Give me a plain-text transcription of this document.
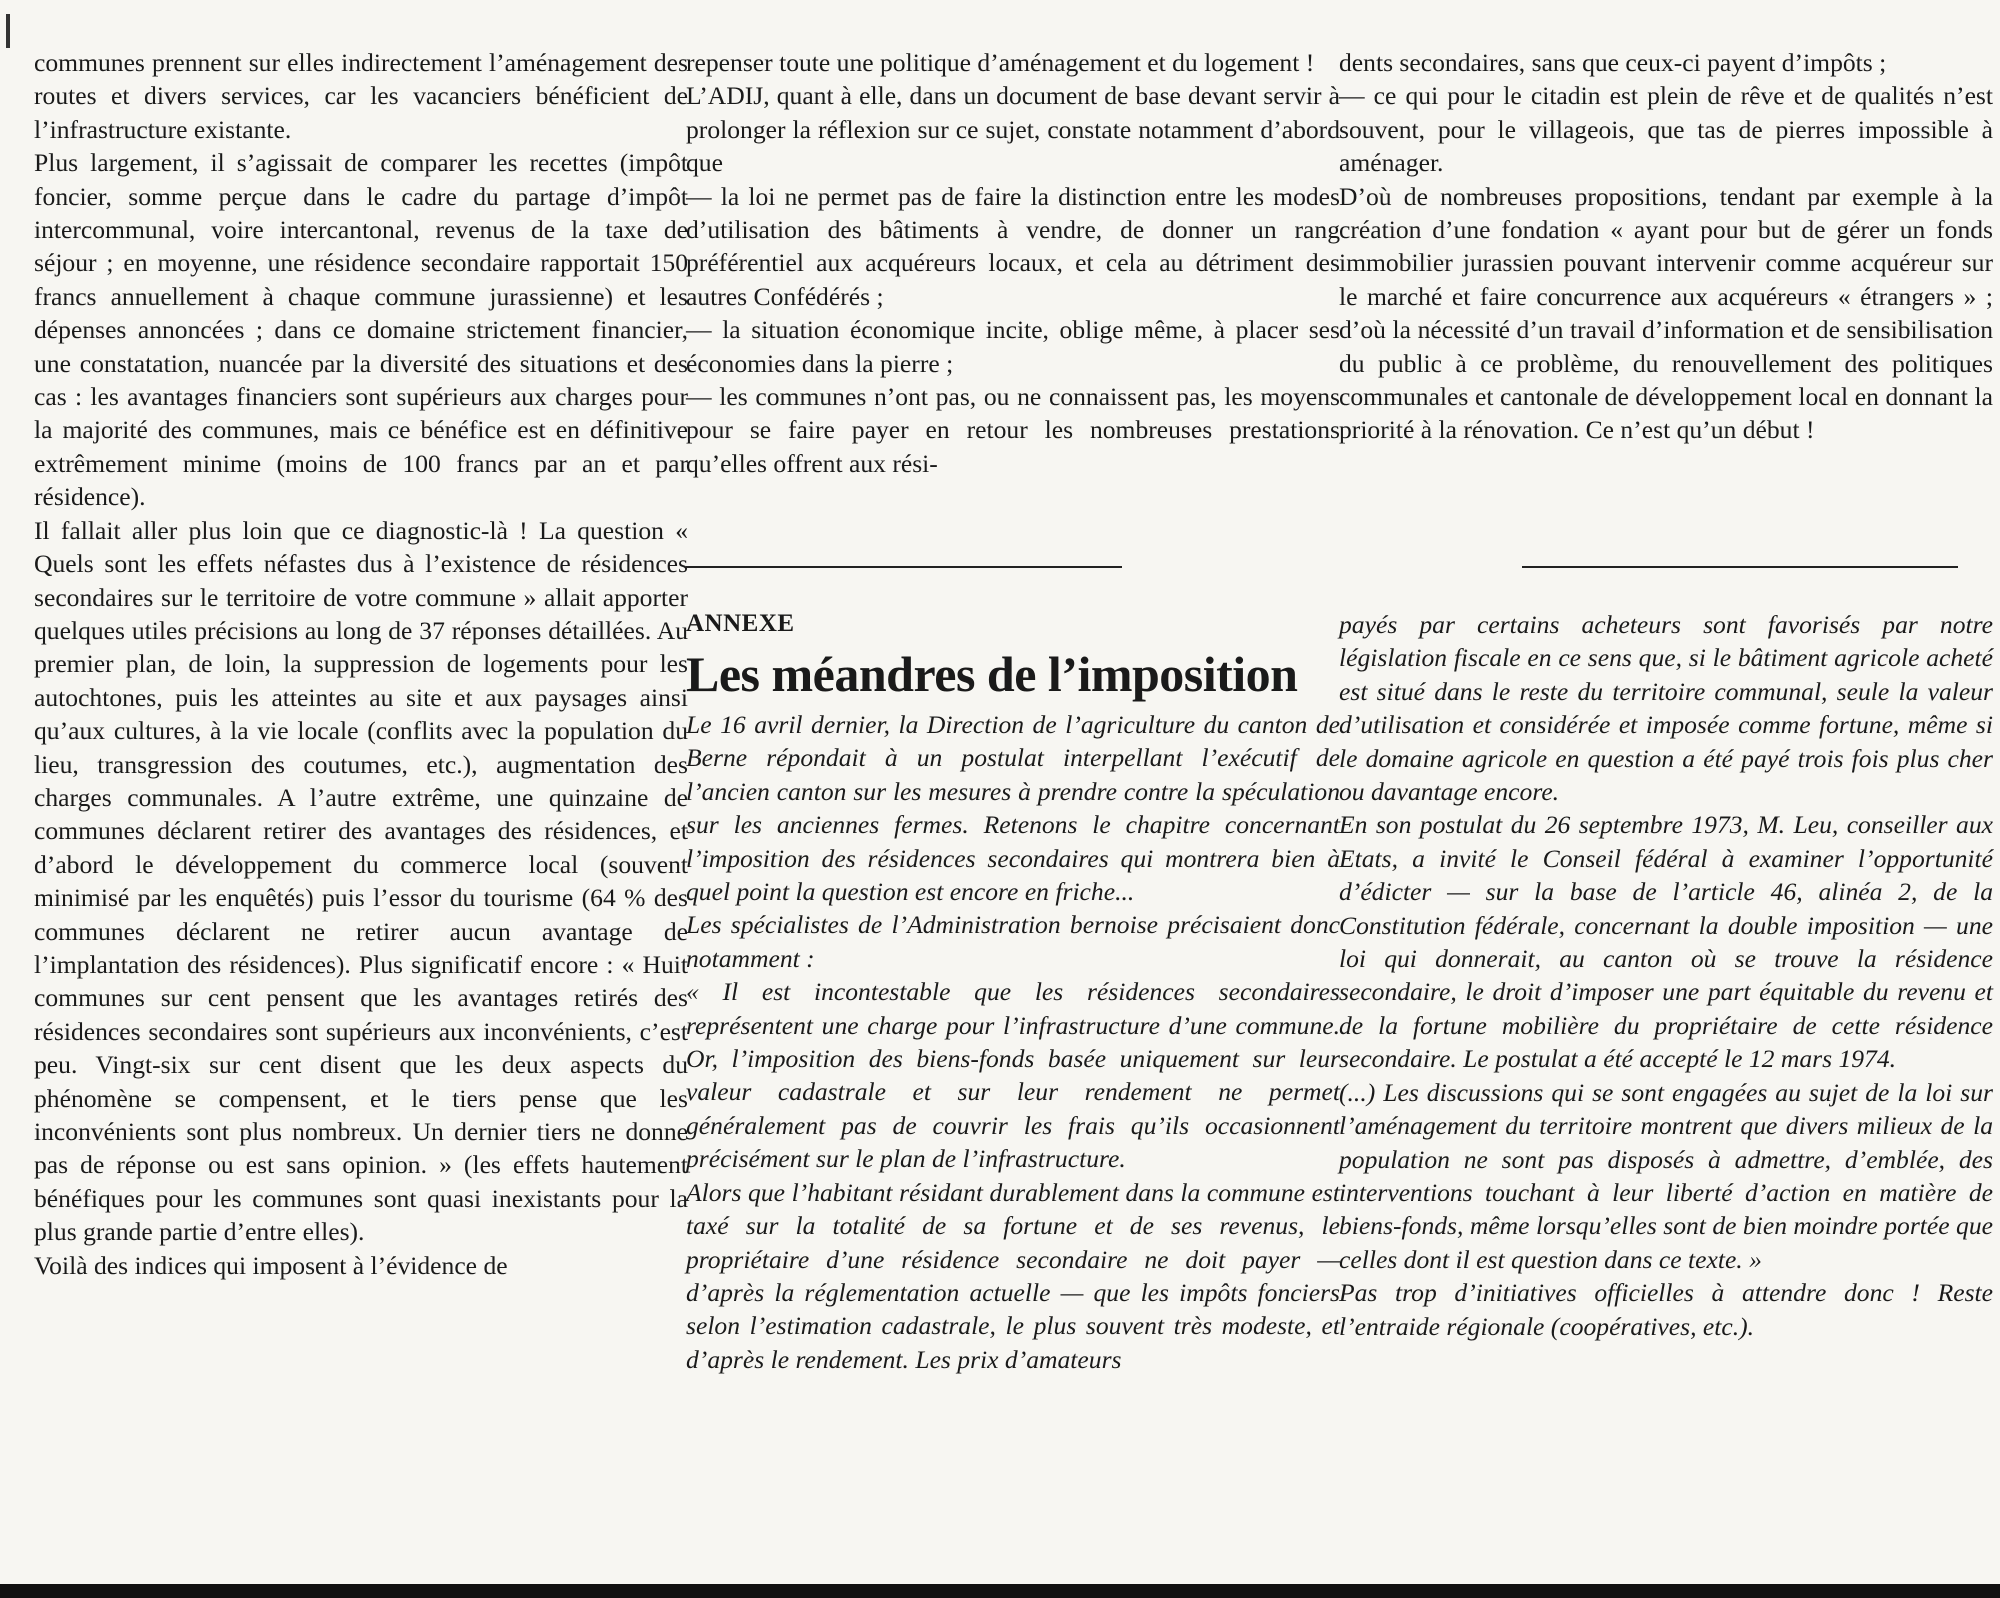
communes prennent sur elles indirectement l’aménagement des routes et divers services, car les vacanciers bénéficient de l’infrastructure existante.

Plus largement, il s’agissait de comparer les recettes (impôt foncier, somme perçue dans le cadre du partage d’impôt intercommunal, voire intercantonal, revenus de la taxe de séjour ; en moyenne, une résidence secondaire rapportait 150 francs annuellement à chaque commune jurassienne) et les dépenses annoncées ; dans ce domaine strictement financier, une constatation, nuancée par la diversité des situations et des cas : les avantages financiers sont supérieurs aux charges pour la majorité des communes, mais ce bénéfice est en définitive extrêmement minime (moins de 100 francs par an et par résidence).

Il fallait aller plus loin que ce diagnostic-là ! La question « Quels sont les effets néfastes dus à l’existence de résidences secondaires sur le territoire de votre commune » allait apporter quelques utiles précisions au long de 37 réponses détaillées. Au premier plan, de loin, la suppression de logements pour les autochtones, puis les atteintes au site et aux paysages ainsi qu’aux cultures, à la vie locale (conflits avec la population du lieu, transgression des coutumes, etc.), augmentation des charges communales. A l’autre extrême, une quinzaine de communes déclarent retirer des avantages des résidences, et d’abord le développement du commerce local (souvent minimisé par les enquêtés) puis l’essor du tourisme (64 % des communes déclarent ne retirer aucun avantage de l’implantation des résidences). Plus significatif encore : « Huit communes sur cent pensent que les avantages retirés des résidences secondaires sont supérieurs aux inconvénients, c’est peu. Vingt-six sur cent disent que les deux aspects du phénomène se compensent, et le tiers pense que les inconvénients sont plus nombreux. Un dernier tiers ne donne pas de réponse ou est sans opinion. » (les effets hautement bénéfiques pour les communes sont quasi inexistants pour la plus grande partie d’entre elles).

Voilà des indices qui imposent à l’évidence de

repenser toute une politique d’aménagement et du logement !

L’ADIJ, quant à elle, dans un document de base devant servir à prolonger la réflexion sur ce sujet, constate notamment d’abord que

— la loi ne permet pas de faire la distinction entre les modes d’utilisation des bâtiments à vendre, de donner un rang préférentiel aux acquéreurs locaux, et cela au détriment des autres Confédérés ;

— la situation économique incite, oblige même, à placer ses économies dans la pierre ;

— les communes n’ont pas, ou ne connaissent pas, les moyens pour se faire payer en retour les nombreuses prestations qu’elles offrent aux rési-

dents secondaires, sans que ceux-ci payent d’impôts ;

— ce qui pour le citadin est plein de rêve et de qualités n’est souvent, pour le villageois, que tas de pierres impossible à aménager.

D’où de nombreuses propositions, tendant par exemple à la création d’une fondation « ayant pour but de gérer un fonds immobilier jurassien pouvant intervenir comme acquéreur sur le marché et faire concurrence aux acquéreurs « étrangers » ; d’où la nécessité d’un travail d’information et de sensibilisation du public à ce problème, du renouvellement des politiques communales et cantonale de développement local en donnant la priorité à la rénovation. Ce n’est qu’un début !

ANNEXE
Les méandres de l’imposition

Le 16 avril dernier, la Direction de l’agriculture du canton de Berne répondait à un postulat interpellant l’exécutif de l’ancien canton sur les mesures à prendre contre la spéculation sur les anciennes fermes. Retenons le chapitre concernant l’imposition des résidences secondaires qui montrera bien à quel point la question est encore en friche...

Les spécialistes de l’Administration bernoise précisaient donc notamment :

« Il est incontestable que les résidences secondaires représentent une charge pour l’infrastructure d’une commune. Or, l’imposition des biens-fonds basée uniquement sur leur valeur cadastrale et sur leur rendement ne permet généralement pas de couvrir les frais qu’ils occasionnent précisément sur le plan de l’infrastructure.

Alors que l’habitant résidant durablement dans la commune est taxé sur la totalité de sa fortune et de ses revenus, le propriétaire d’une résidence secondaire ne doit payer — d’après la réglementation actuelle — que les impôts fonciers selon l’estimation cadastrale, le plus souvent très modeste, et d’après le rendement. Les prix d’amateurs

payés par certains acheteurs sont favorisés par notre législation fiscale en ce sens que, si le bâtiment agricole acheté est situé dans le reste du territoire communal, seule la valeur d’utilisation et considérée et imposée comme fortune, même si le domaine agricole en question a été payé trois fois plus cher ou davantage encore.

En son postulat du 26 septembre 1973, M. Leu, conseiller aux Etats, a invité le Conseil fédéral à examiner l’opportunité d’édicter — sur la base de l’article 46, alinéa 2, de la Constitution fédérale, concernant la double imposition — une loi qui donnerait, au canton où se trouve la résidence secondaire, le droit d’imposer une part équitable du revenu et de la fortune mobilière du propriétaire de cette résidence secondaire. Le postulat a été accepté le 12 mars 1974.

(...) Les discussions qui se sont engagées au sujet de la loi sur l’aménagement du territoire montrent que divers milieux de la population ne sont pas disposés à admettre, d’emblée, des interventions touchant à leur liberté d’action en matière de biens-fonds, même lorsqu’elles sont de bien moindre portée que celles dont il est question dans ce texte. »

Pas trop d’initiatives officielles à attendre donc ! Reste l’entraide régionale (coopératives, etc.).
